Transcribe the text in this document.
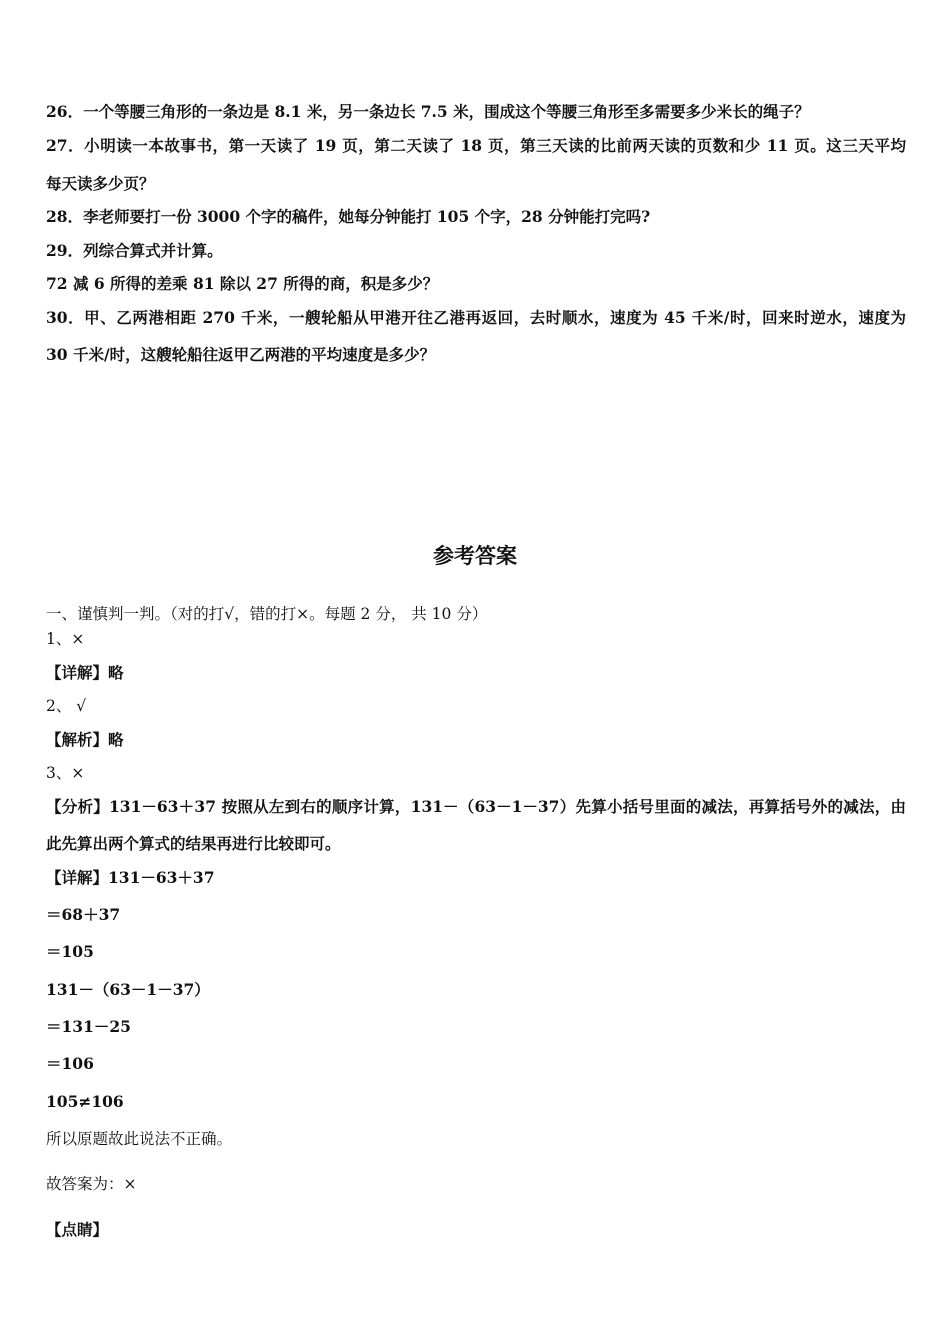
26．一个等腰三角形的一条边是 8.1 米，另一条边长 7.5 米，围成这个等腰三角形至多需要多少米长的绳子？
27．小明读一本故事书，第一天读了 19 页，第二天读了 18 页，第三天读的比前两天读的页数和少 11 页。这三天平均
每天读多少页？
28．李老师要打一份 3000 个字的稿件，她每分钟能打 105 个字，28 分钟能打完吗?
29．列综合算式并计算。
72 减 6 所得的差乘 81 除以 27 所得的商，积是多少？
30．甲、乙两港相距 270 千米，一艘轮船从甲港开往乙港再返回，去时顺水，速度为 45 千米/时，回来时逆水，速度为
30 千米/时，这艘轮船往返甲乙两港的平均速度是多少？
参考答案
一、谨慎判一判。（对的打√，错的打×。每题 2 分， 共 10 分）
1、×
【详解】略
2、 √
【解析】略
3、×
【分析】131－63＋37 按照从左到右的顺序计算，131－（63－1－37）先算小括号里面的减法，再算括号外的减法，由
此先算出两个算式的结果再进行比较即可。
【详解】131－63＋37
＝68＋37
＝105
131－（63－1－37）
＝131－25
＝106
105≠106
所以原题故此说法不正确。
故答案为：×
【点睛】
